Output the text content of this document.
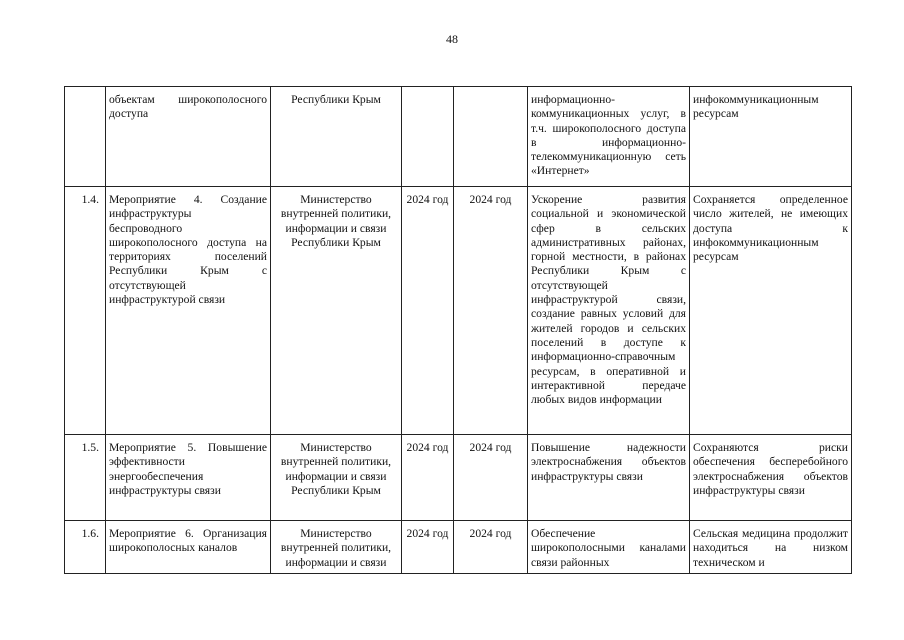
48
	объектам широкополосного доступа	Республики Крым			информационно-коммуникационных услуг, в т.ч. широкополосного доступа в информационно-телекоммуникационную сеть «Интернет»	инфокоммуникационным ресурсам
1.4.	Мероприятие 4. Создание инфраструктуры беспроводного широкополосного доступа на территориях поселений Республики Крым с отсутствующей инфраструктурой связи	Министерство внутренней политики, информации и связи Республики Крым	2024 год	2024 год	Ускорение развития социальной и экономической сфер в сельских административных районах, горной местности, в районах Республики Крым с отсутствующей инфраструктурой связи, создание равных условий для жителей городов и сельских поселений в доступе к информационно-справочным ресурсам, в оперативной и интерактивной передаче любых видов информации	Сохраняется определенное число жителей, не имеющих доступа к инфокоммуникационным ресурсам
1.5.	Мероприятие 5. Повышение эффективности энергообеспечения инфраструктуры связи	Министерство внутренней политики, информации и связи Республики Крым	2024 год	2024 год	Повышение надежности электроснабжения объектов инфраструктуры связи	Сохраняются риски обеспечения бесперебойного электроснабжения объектов инфраструктуры связи
1.6.	Мероприятие 6. Организация широкополосных каналов	Министерство внутренней политики, информации и связи	2024 год	2024 год	Обеспечение широкополосными каналами связи районных	Сельская медицина продолжит находиться на низком техническом и
